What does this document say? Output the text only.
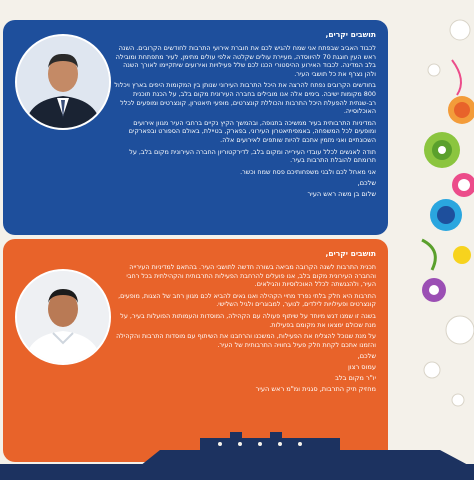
תושבים יקרים,

לכבוד האביב שבפתח אני שמח להגיש לכם את חוברת אירועי התרבות לחודשים הקרובים. השנה ראש העין חוגגת 70 להיווסדה, מעיירת עולים שקלטה אלפי עולים מתימן, לעיר מתפתחת ומובילה בלב המדינה. לכבוד האירוע ההיסטורי הכנו לכם שלל פעילויות ואירועים שיתקיימו לאורך השנה ולהן נצרף את כל תושבי העיר.

בחודשים הקרובים נפתח להרצה את היכל התרבות העירוני שנותן בין המקומות היפים בארץ ויכלול 800 מקומות ישיבה. בימים אלה אנו מובילים בחברה העירונית מקום בלב, על הכנת תוכנית רב-שנתית להפעלת היכל התרבות והכוללת קונצרטים, מופעי תיאטרון, קונצרטים ומופעים לכלל האוכלוסייה.

המדיניות התרבותית בעיר ממשיכה בתנופה, ובהמשך הקיץ נקיים ברחבי העיר מגוון אירועים ומופעים לכל המשפחה, באמפיתיאטרון העירוני, בפארק, בטיילת, באולם הספורט ובפארקים השכונתיים ואני מזמין אתכם להיות שותפים לאירועים אלה.

תודה לאנשים לכלל עובדי העירייה ומקום בלב, לדירקטוריון החברה העירונית מקום בלב, על תרומתם להובלת התרבות בעיר.

אני מאחל לכם ולבני משפחותיכם פסח שמח וכשר.

שלכם,
שלום בן משה ראש העיר
תושבים יקרים,

תכנית התרבות לשנה הקרובה מביאה בשורה חדשה לתושבי העיר. בהתאם למדיניות העירייה והחברה העירונית מקום בלב, אנו פועלים להרחבת הפעילות התרבותית והקהילתית בכל רחבי העיר, ולהנגשתה לכלל האוכלוסיות והגילאים.

התרבות היא חלק בלתי נפרד מחיי הקהילה ואנו גאים להביא לכם מגוון רחב של הצגות, מופעים, קונצרטים ופעילויות לילדים, לנוער, למבוגרים ולגיל השלישי.

בשנה זו שמנו דגש מיוחד על שיתוף פעולה עם הקהילה, המוסדות והעמותות הפועלות בעיר, על מנת שכולם ימצאו את מקומם בפעילות.

על מנת שנוכל להצליח את הפעילות, המשכנו והרחבנו את השיתוף עם מוסדות התרבות והקהילה והזמנו אתכם לקחת חלק פעיל בחוויה התרבותית של העיר.

שלכם,
עמוס רצון
יו"ר מקום בלב
מחזיק תיק התרבות, סגנית ומ"מ ראש העיר
